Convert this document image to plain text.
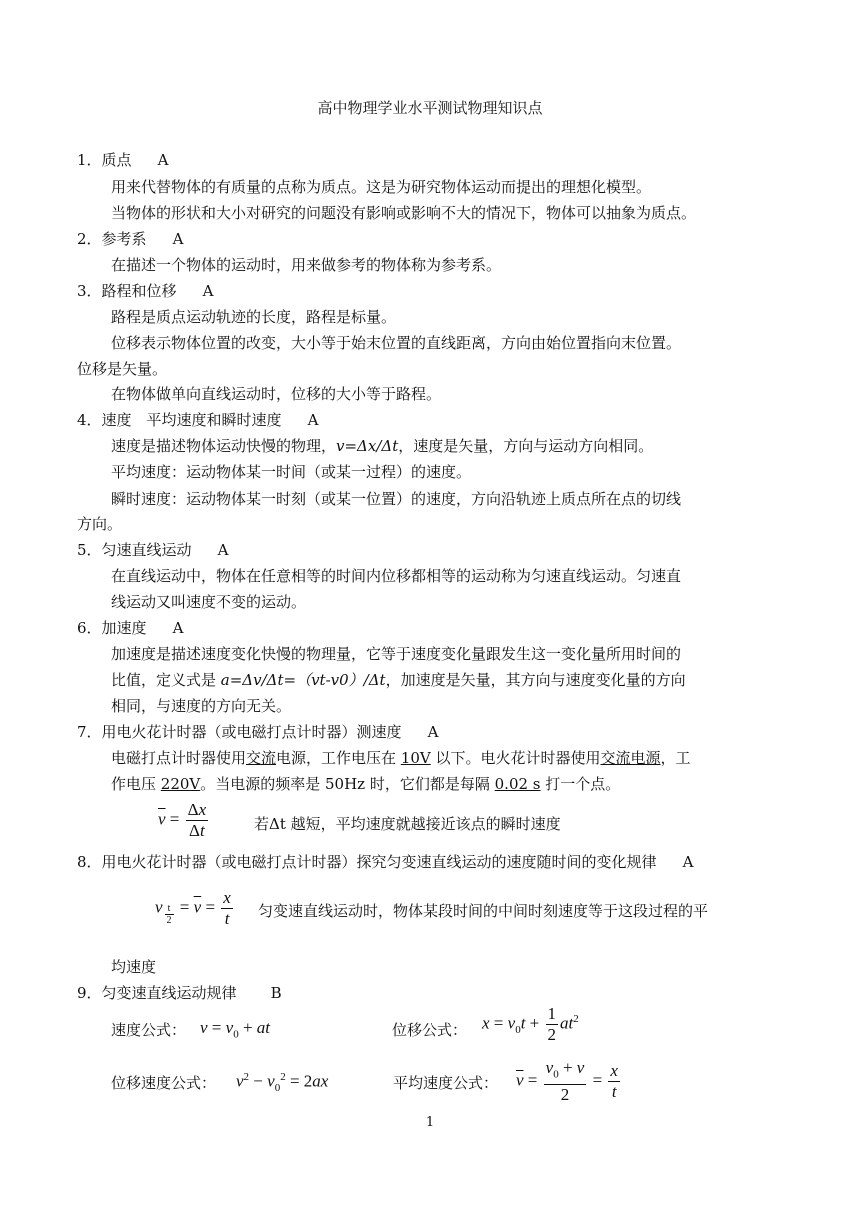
高中物理学业水平测试物理知识点
1．质点 A
用来代替物体的有质量的点称为质点。这是为研究物体运动而提出的理想化模型。
当物体的形状和大小对研究的问题没有影响或影响不大的情况下，物体可以抽象为质点。
2．参考系 A
在描述一个物体的运动时，用来做参考的物体称为参考系。
3．路程和位移 A
路程是质点运动轨迹的长度，路程是标量。
位移表示物体位置的改变，大小等于始末位置的直线距离，方向由始位置指向末位置。
位移是矢量。
在物体做单向直线运动时，位移的大小等于路程。
4．速度　平均速度和瞬时速度 A
速度是描述物体运动快慢的物理，v=Δx/Δt，速度是矢量，方向与运动方向相同。
平均速度：运动物体某一时间（或某一过程）的速度。
瞬时速度：运动物体某一时刻（或某一位置）的速度，方向沿轨迹上质点所在点的切线
方向。
5．匀速直线运动 A
在直线运动中，物体在任意相等的时间内位移都相等的运动称为匀速直线运动。匀速直
线运动又叫速度不变的运动。
6．加速度 A
加速度是描述速度变化快慢的物理量，它等于速度变化量跟发生这一变化量所用时间的
比值，定义式是 a=Δv/Δt=（vt-v0）/Δt，加速度是矢量，其方向与速度变化量的方向
相同，与速度的方向无关。
7．用电火花计时器（或电磁打点计时器）测速度 A
电磁打点计时器使用交流电源，工作电压在 10V 以下。电火花计时器使用交流电源，工
作电压 220V。当电源的频率是 50Hz 时，它们都是每隔 0.02 s 打一个点。
$\overline{v} = \frac{\Delta x}{\Delta t}$	若Δt 越短，平均速度就越接近该点的瞬时速度
8．用电火花计时器（或电磁打点计时器）探究匀变速直线运动的速度随时间的变化规律 A
v $_{\frac{t}{2}} = \overline{v} = \frac{x}{t}$ 匀变速直线运动时，物体某段时间的中间时刻速度等于这段过程的平
均速度
9．匀变速直线运动规律 B
速度公式： $v = v_0$ + at	位移公式： $x = v_0t + \frac{1}{2} at^2$
位移速度公式： $v^2 - v_0^2 = 2ax$	平均速度公式： $\overline{v} = \frac{v_0 + v}{2} = \frac{x}{t}$
1
